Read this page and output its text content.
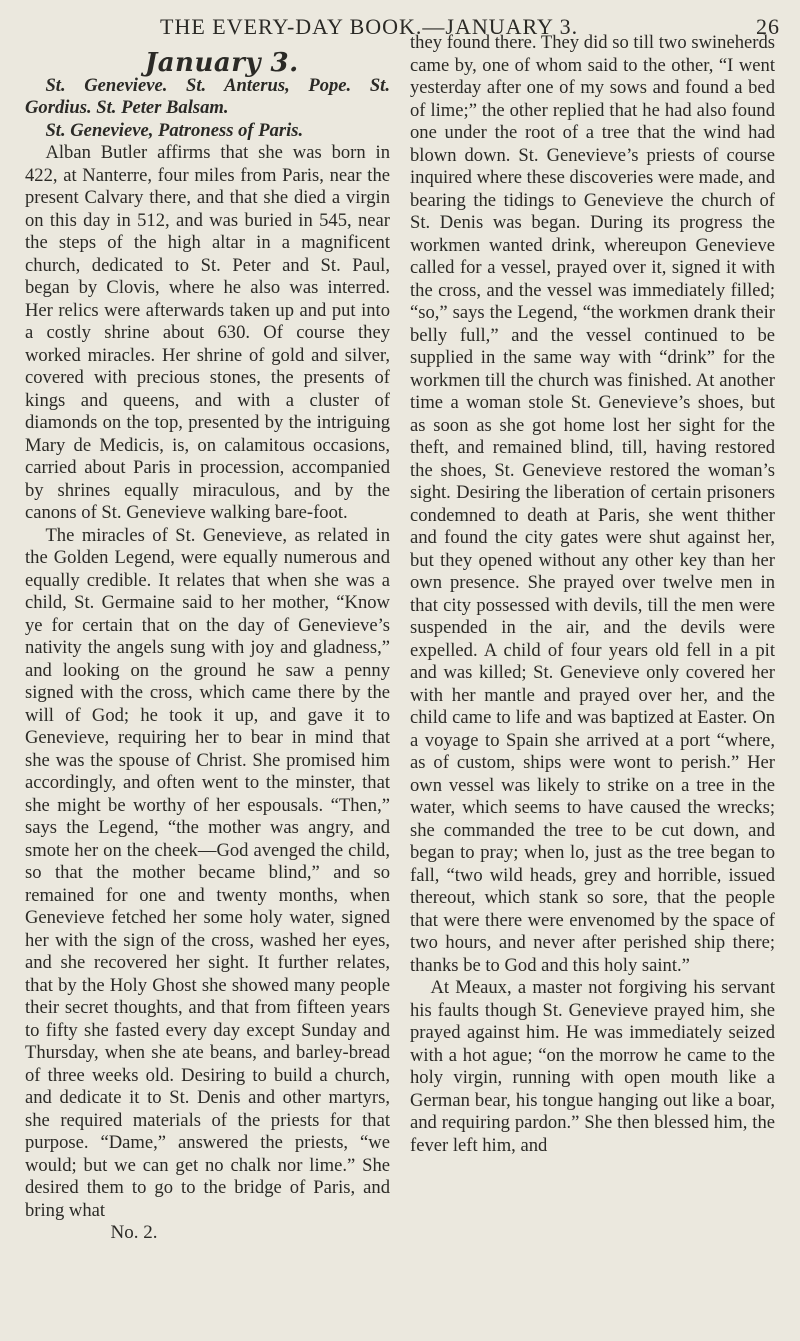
THE EVERY-DAY BOOK.—JANUARY 3.	26

January 3.

St. Genevieve. St. Anterus, Pope. St. Gordius. St. Peter Balsam.

St. Genevieve, Patroness of Paris.

Alban Butler affirms that she was born in 422, at Nanterre, four miles from Paris, near the present Calvary there, and that she died a virgin on this day in 512, and was buried in 545, near the steps of the high altar in a magnificent church, dedicated to St. Peter and St. Paul, began by Clovis, where he also was interred. Her relics were afterwards taken up and put into a costly shrine about 630. Of course they worked miracles. Her shrine of gold and silver, covered with precious stones, the presents of kings and queens, and with a cluster of diamonds on the top, presented by the intriguing Mary de Medicis, is, on calamitous occasions, carried about Paris in procession, accompanied by shrines equally miraculous, and by the canons of St. Genevieve walking bare-foot.

The miracles of St. Genevieve, as related in the Golden Legend, were equally numerous and equally credible. It relates that when she was a child, St. Germaine said to her mother, “Know ye for certain that on the day of Genevieve’s nativity the angels sung with joy and gladness,” and looking on the ground he saw a penny signed with the cross, which came there by the will of God; he took it up, and gave it to Genevieve, requiring her to bear in mind that she was the spouse of Christ. She promised him accordingly, and often went to the minster, that she might be worthy of her espousals. “Then,” says the Legend, “the mother was angry, and smote her on the cheek—God avenged the child, so that the mother became blind,” and so remained for one and twenty months, when Genevieve fetched her some holy water, signed her with the sign of the cross, washed her eyes, and she recovered her sight. It further relates, that by the Holy Ghost she showed many people their secret thoughts, and that from fifteen years to fifty she fasted every day except Sunday and Thursday, when she ate beans, and barley-bread of three weeks old. Desiring to build a church, and dedicate it to St. Denis and other martyrs, she required materials of the priests for that purpose. “Dame,” answered the priests, “we would; but we can get no chalk nor lime.” She desired them to go to the bridge of Paris, and bring what

No. 2.

they found there. They did so till two swineherds came by, one of whom said to the other, “I went yesterday after one of my sows and found a bed of lime;” the other replied that he had also found one under the root of a tree that the wind had blown down. St. Genevieve’s priests of course inquired where these discoveries were made, and bearing the tidings to Genevieve the church of St. Denis was began. During its progress the workmen wanted drink, whereupon Genevieve called for a vessel, prayed over it, signed it with the cross, and the vessel was immediately filled; “so,” says the Legend, “the workmen drank their belly full,” and the vessel continued to be supplied in the same way with “drink” for the workmen till the church was finished. At another time a woman stole St. Genevieve’s shoes, but as soon as she got home lost her sight for the theft, and remained blind, till, having restored the shoes, St. Genevieve restored the woman’s sight. Desiring the liberation of certain prisoners condemned to death at Paris, she went thither and found the city gates were shut against her, but they opened without any other key than her own presence. She prayed over twelve men in that city possessed with devils, till the men were suspended in the air, and the devils were expelled. A child of four years old fell in a pit and was killed; St. Genevieve only covered her with her mantle and prayed over her, and the child came to life and was baptized at Easter. On a voyage to Spain she arrived at a port “where, as of custom, ships were wont to perish.” Her own vessel was likely to strike on a tree in the water, which seems to have caused the wrecks; she commanded the tree to be cut down, and began to pray; when lo, just as the tree began to fall, “two wild heads, grey and horrible, issued thereout, which stank so sore, that the people that were there were envenomed by the space of two hours, and never after perished ship there; thanks be to God and this holy saint.”

At Meaux, a master not forgiving his servant his faults though St. Genevieve prayed him, she prayed against him. He was immediately seized with a hot ague; “on the morrow he came to the holy virgin, running with open mouth like a German bear, his tongue hanging out like a boar, and requiring pardon.” She then blessed him, the fever left him, and
